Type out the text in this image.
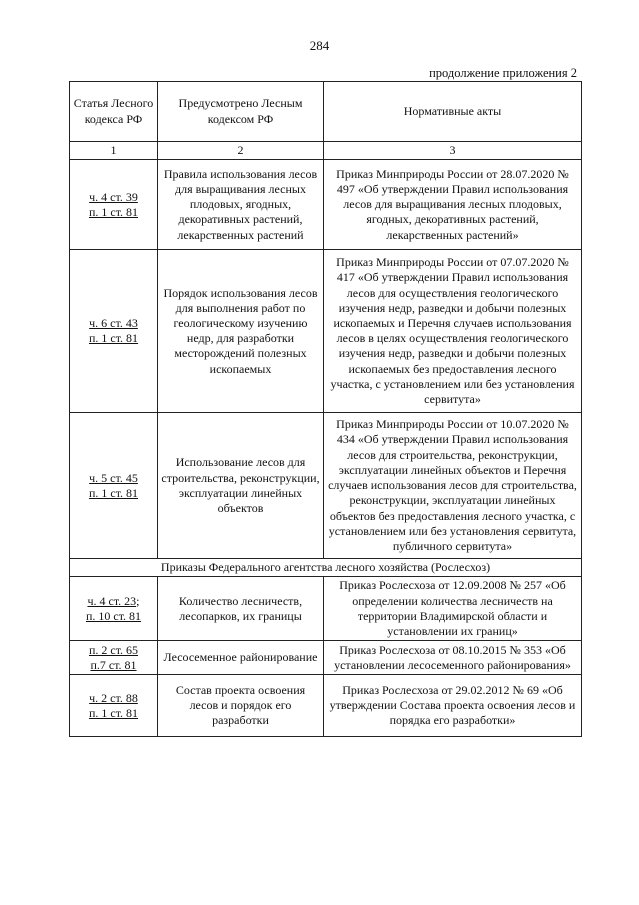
284
продолжение приложения 2
Статья Лесного кодекса РФ	Предусмотрено Лесным кодексом РФ	Нормативные акты
1	2	3

ч. 4 ст. 39
п. 1 ст. 81	Правила использования лесов для выращивания лесных плодовых, ягодных, декоративных растений, лекарственных растений	Приказ Минприроды России от 28.07.2020 № 497 «Об утверждении Правил использования лесов для выращивания лесных плодовых, ягодных, декоративных растений, лекарственных растений»

ч. 6 ст. 43
п. 1 ст. 81	Порядок использования лесов для выполнения работ по геологическому изучению недр, для разработки месторождений полезных ископаемых	Приказ Минприроды России от 07.07.2020 № 417 «Об утверждении Правил использования лесов для осуществления геологического изучения недр, разведки и добычи полезных ископаемых и Перечня случаев использования лесов в целях осуществления геологического изучения недр, разведки и добычи полезных ископаемых без предоставления лесного участка, с установлением или без установления сервитута»

ч. 5 ст. 45
п. 1 ст. 81	Использование лесов для строительства, реконструкции, эксплуатации линейных объектов	Приказ Минприроды России от 10.07.2020 № 434 «Об утверждении Правил использования лесов для строительства, реконструкции, эксплуатации линейных объектов и Перечня случаев использования лесов для строительства, реконструкции, эксплуатации линейных объектов без предоставления лесного участка, с установлением или без установления сервитута, публичного сервитута»
Приказы Федерального агентства лесного хозяйства (Рослесхоз)		

ч. 4 ст. 23;
п. 10 ст. 81	Количество лесничеств, лесопарков, их границы	Приказ Рослесхоза от 12.09.2008 № 257 «Об определении количества лесничеств на территории Владимирской области и установлении их границ»

п. 2 ст. 65
п.7 ст. 81	Лесосеменное районирование	Приказ Рослесхоза от 08.10.2015 № 353 «Об установлении лесосеменного районирования»

ч. 2 ст. 88
п. 1 ст. 81	Состав проекта освоения лесов и порядок его разработки	Приказ Рослесхоза от 29.02.2012 № 69 «Об утверждении Состава проекта освоения лесов и порядка его разработки»
